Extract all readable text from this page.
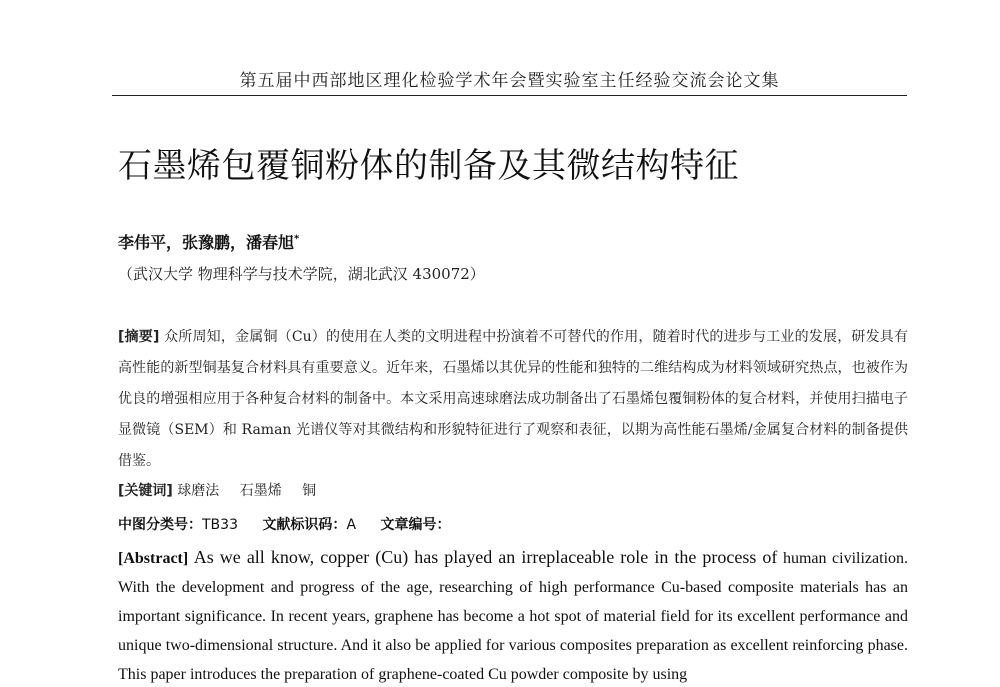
第五届中西部地区理化检验学术年会暨实验室主任经验交流会论文集
石墨烯包覆铜粉体的制备及其微结构特征
李伟平，张豫鹏，潘春旭*
（武汉大学 物理科学与技术学院，湖北武汉 430072）

[摘要] 众所周知，金属铜（Cu）的使用在人类的文明进程中扮演着不可替代的作用，随着时代的进步与工业的发展，研发具有高性能的新型铜基复合材料具有重要意义。近年来，石墨烯以其优异的性能和独特的二维结构成为材料领域研究热点，也被作为优良的增强相应用于各种复合材料的制备中。本文采用高速球磨法成功制备出了石墨烯包覆铜粉体的复合材料，并使用扫描电子显微镜（SEM）和 Raman 光谱仪等对其微结构和形貌特征进行了观察和表征，以期为高性能石墨烯/金属复合材料的制备提供借鉴。

[关键词] 球磨法 石墨烯 铜
中图分类号：TB33 文献标识码：A 文章编号：

[Abstract] As we all know, copper (Cu) has played an irreplaceable role in the process of human civilization. With the development and progress of the age, researching of high performance Cu-based composite materials has an important significance. In recent years, graphene has become a hot spot of material field for its excellent performance and unique two-dimensional structure. And it also be applied for various composites preparation as excellent reinforcing phase. This paper introduces the preparation of graphene-coated Cu powder composite by using
